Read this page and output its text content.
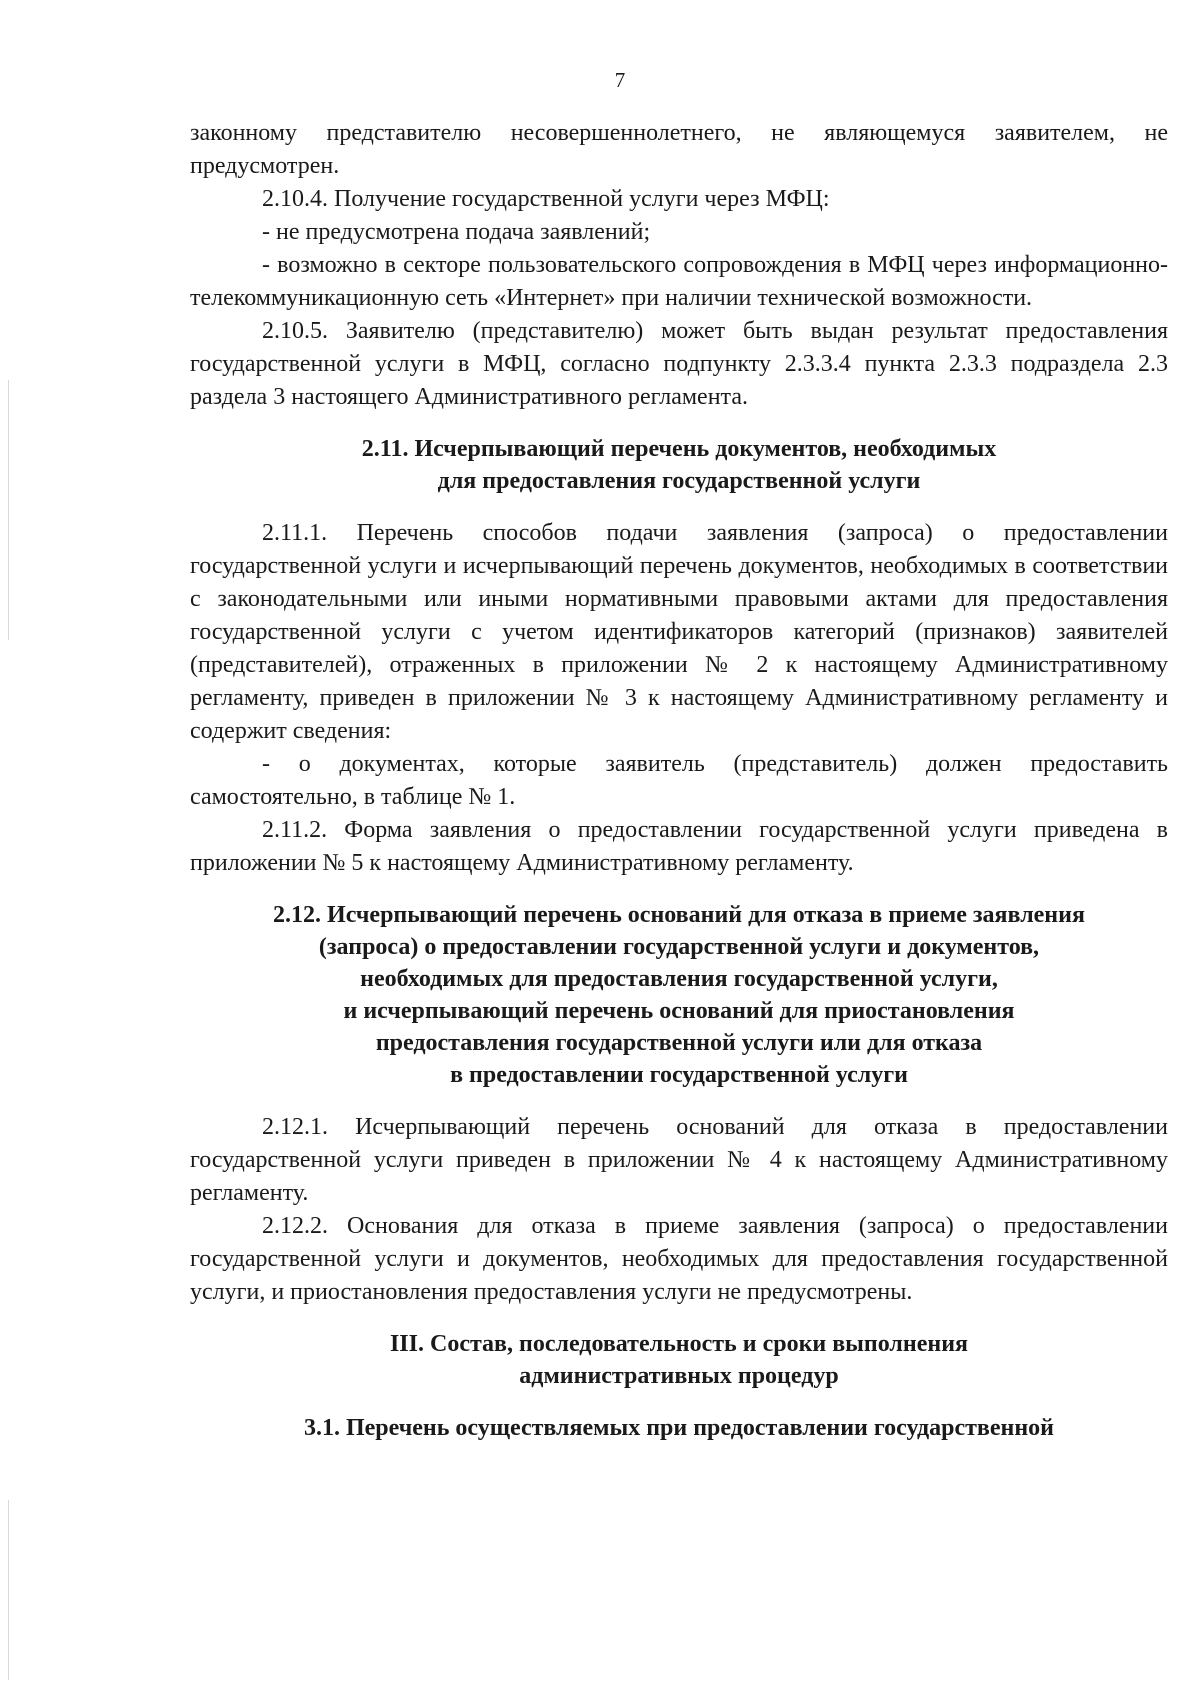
7

законному представителю несовершеннолетнего, не являющемуся заявителем, не предусмотрен.

2.10.4. Получение государственной услуги через МФЦ:

- не предусмотрена подача заявлений;

- возможно в секторе пользовательского сопровождения в МФЦ через информационно-телекоммуникационную сеть «Интернет» при наличии технической возможности.

2.10.5. Заявителю (представителю) может быть выдан результат предоставления государственной услуги в МФЦ, согласно подпункту 2.3.3.4 пункта 2.3.3 подраздела 2.3 раздела 3 настоящего Административного регламента.

2.11. Исчерпывающий перечень документов, необходимых

для предоставления государственной услуги

2.11.1. Перечень способов подачи заявления (запроса) о предоставлении государственной услуги и исчерпывающий перечень документов, необходимых в соответствии с законодательными или иными нормативными правовыми актами для предоставления государственной услуги с учетом идентификаторов категорий (признаков) заявителей (представителей), отраженных в приложении № 2 к настоящему Административному регламенту, приведен в приложении № 3 к настоящему Административному регламенту и содержит сведения:

- о документах, которые заявитель (представитель) должен предоставить самостоятельно, в таблице № 1.

2.11.2. Форма заявления о предоставлении государственной услуги приведена в приложении № 5 к настоящему Административному регламенту.

2.12. Исчерпывающий перечень оснований для отказа в приеме заявления

(запроса) о предоставлении государственной услуги и документов,

необходимых для предоставления государственной услуги,

и исчерпывающий перечень оснований для приостановления

предоставления государственной услуги или для отказа

в предоставлении государственной услуги

2.12.1. Исчерпывающий перечень оснований для отказа в предоставлении государственной услуги приведен в приложении № 4 к настоящему Административному регламенту.

2.12.2. Основания для отказа в приеме заявления (запроса) о предоставлении государственной услуги и документов, необходимых для предоставления государственной услуги, и приостановления предоставления услуги не предусмотрены.

III. Состав, последовательность и сроки выполнения

административных процедур

3.1. Перечень осуществляемых при предоставлении государственной
